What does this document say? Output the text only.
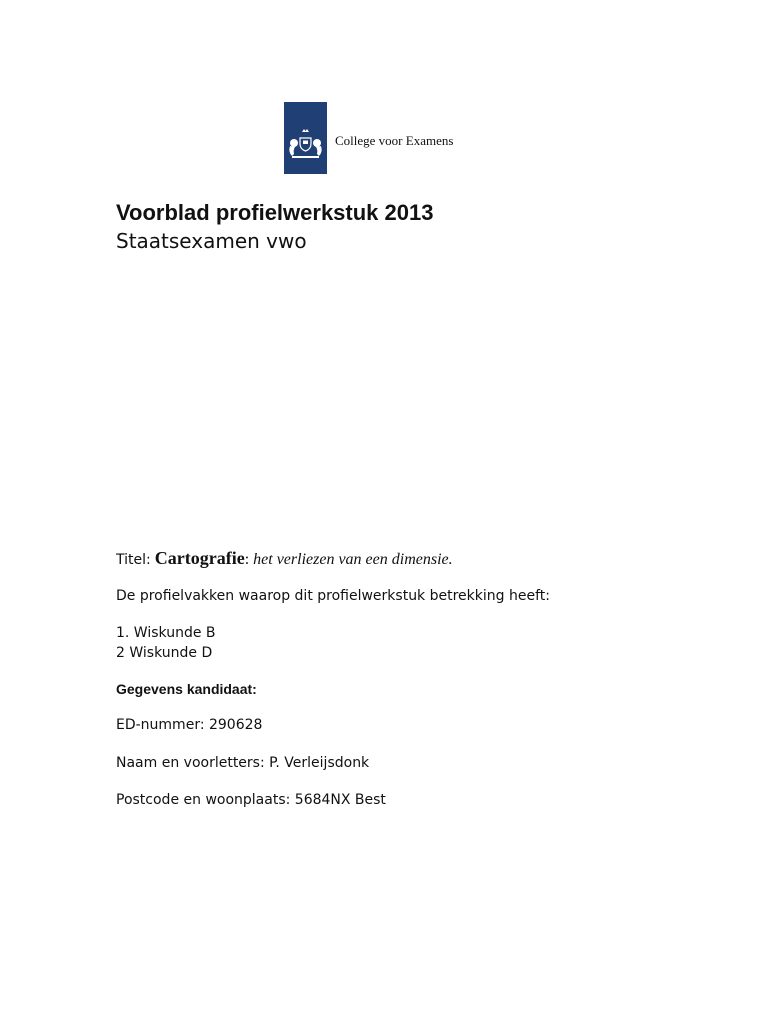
College voor Examens
Voorblad profielwerkstuk 2013
Staatsexamen vwo
Titel: Cartografie: het verliezen van een dimensie.
De profielvakken waarop dit profielwerkstuk betrekking heeft:
1. Wiskunde B
2 Wiskunde D
Gegevens kandidaat:
ED-nummer: 290628
Naam en voorletters: P. Verleijsdonk
Postcode en woonplaats: 5684NX Best
